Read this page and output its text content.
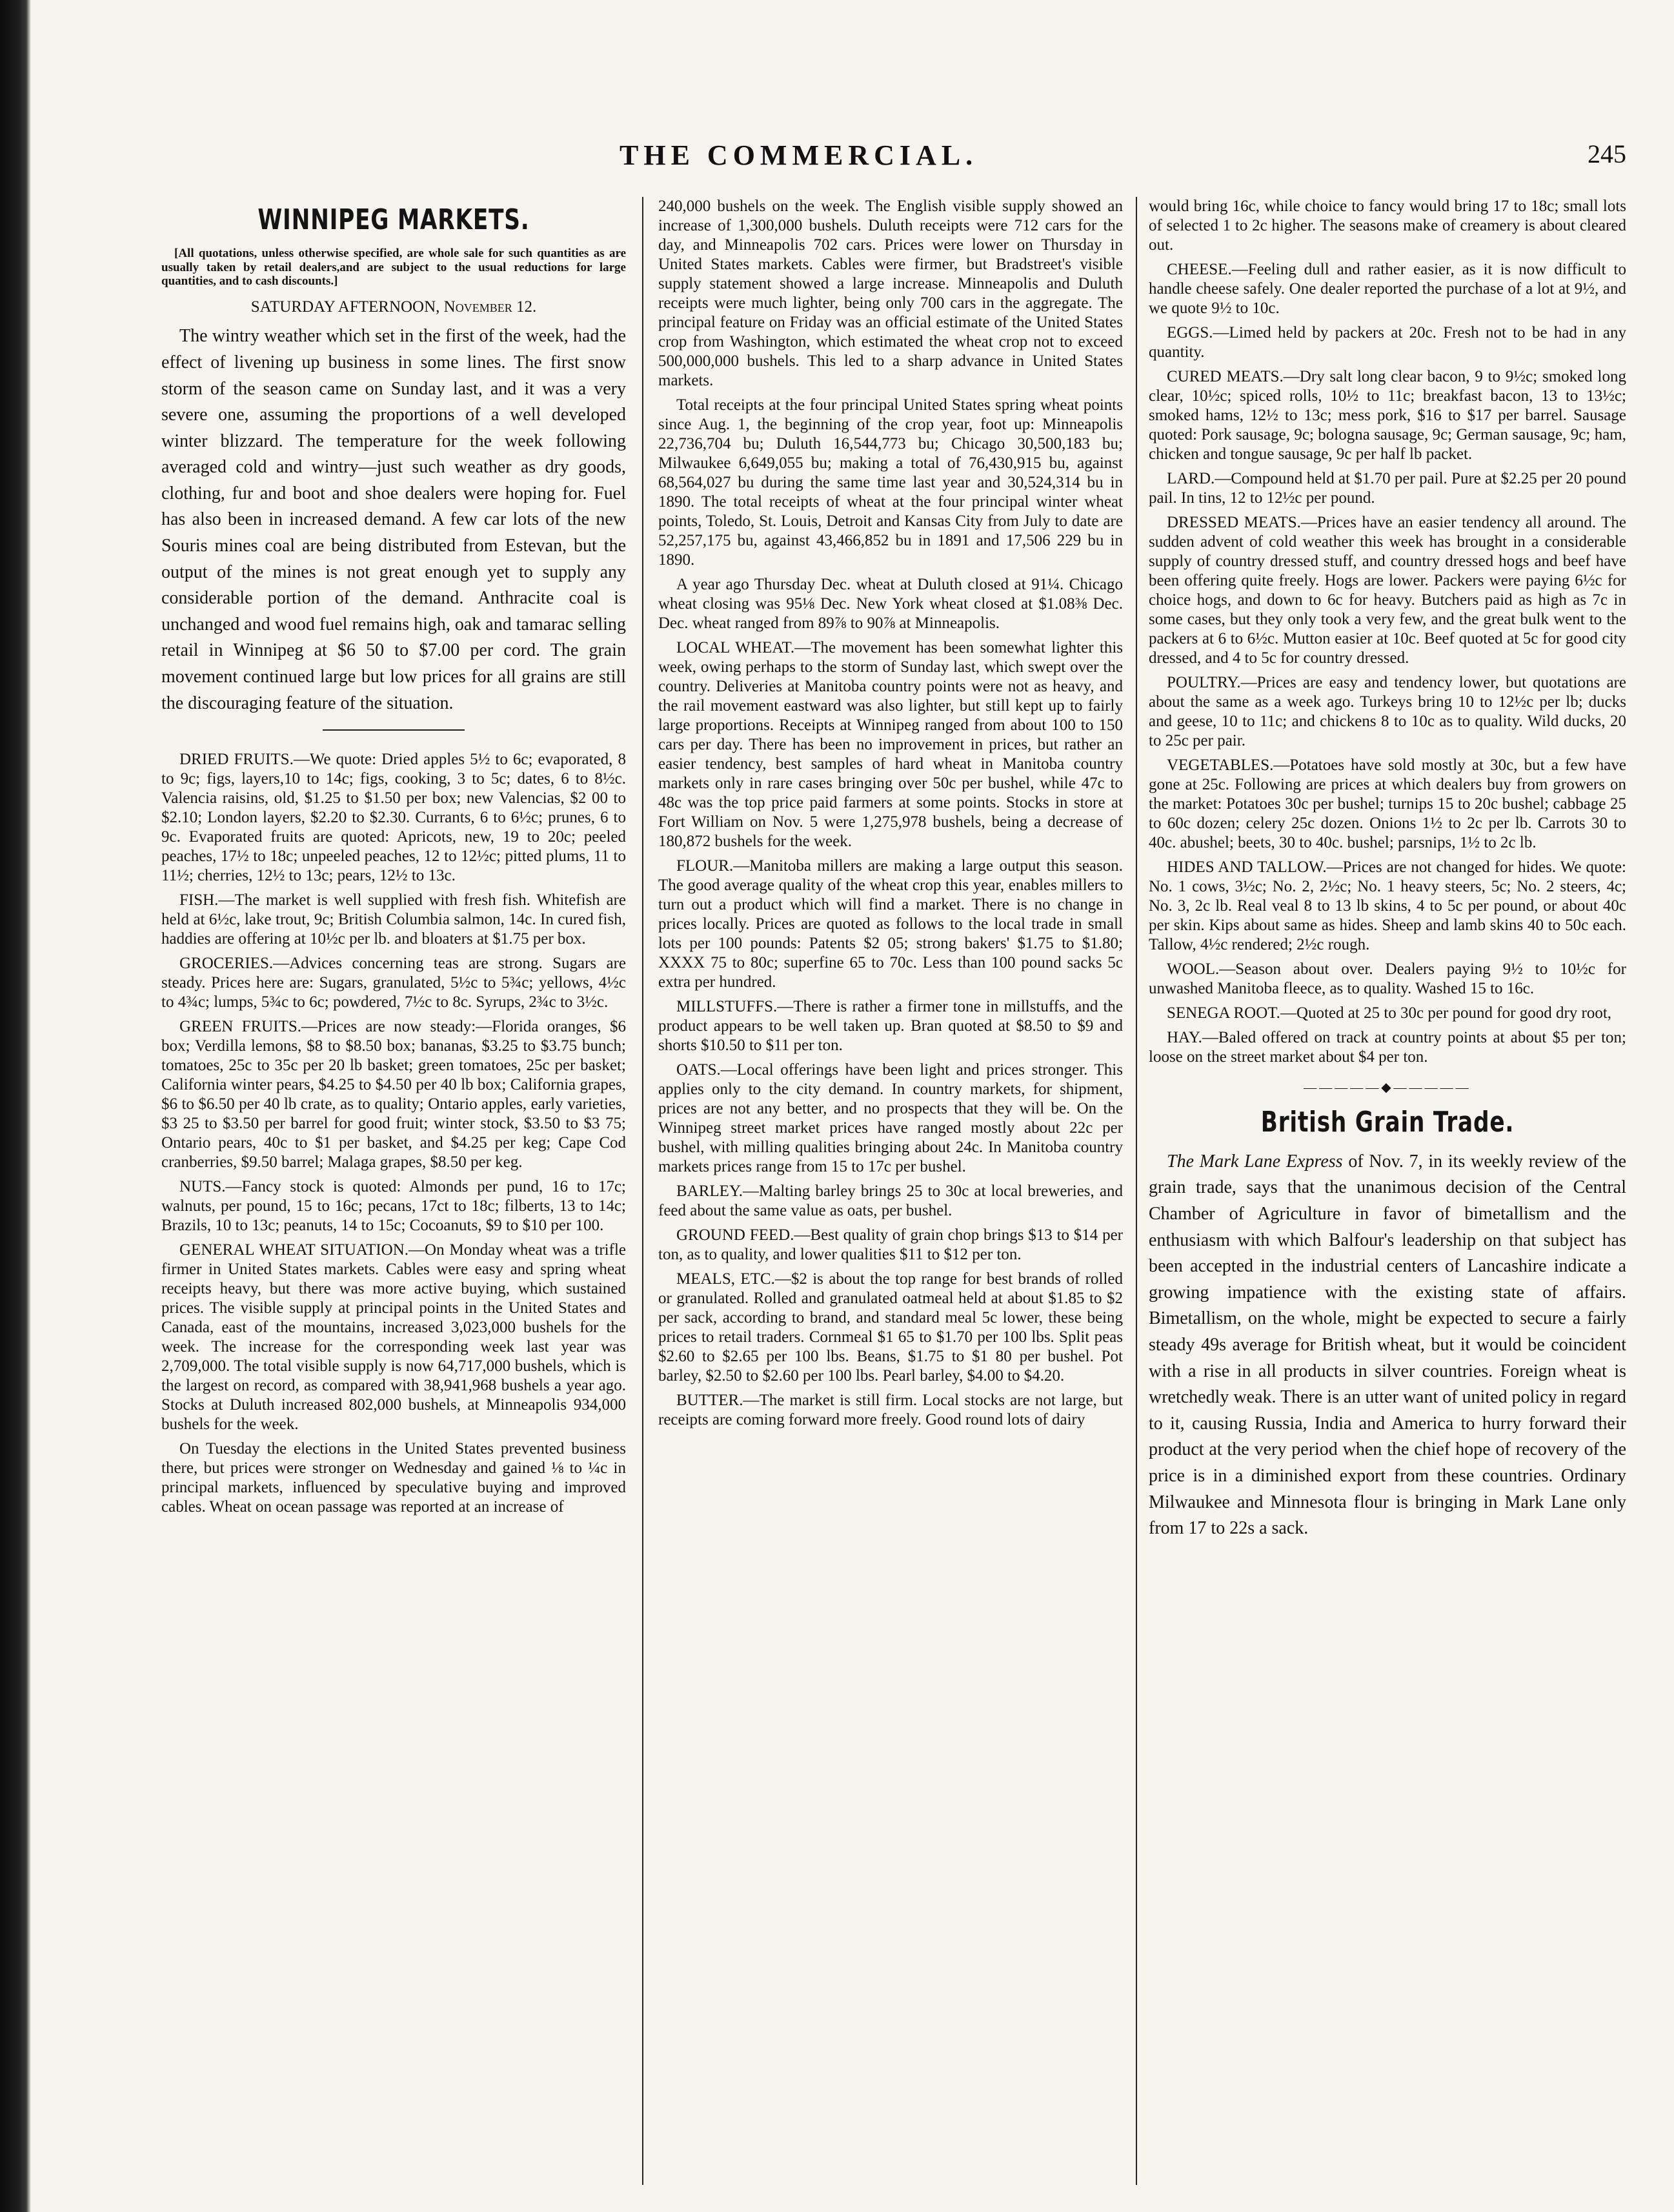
THE COMMERCIAL.	245
WINNIPEG MARKETS.

[All quotations, unless otherwise specified, are whole sale for such quantities as are usually taken by retail dealers,and are subject to the usual reductions for large quantities, and to cash discounts.]

SATURDAY AFTERNOON, November 12.

The wintry weather which set in the first of the week, had the effect of livening up business in some lines. The first snow storm of the season came on Sunday last, and it was a very severe one, assuming the proportions of a well developed winter blizzard. The temperature for the week following averaged cold and wintry—just such weather as dry goods, clothing, fur and boot and shoe dealers were hoping for. Fuel has also been in increased demand. A few car lots of the new Souris mines coal are being distributed from Estevan, but the output of the mines is not great enough yet to supply any considerable portion of the demand. Anthracite coal is unchanged and wood fuel remains high, oak and tamarac selling retail in Winnipeg at $6 50 to $7.00 per cord. The grain movement continued large but low prices for all grains are still the discouraging feature of the situation.

DRIED FRUITS.—We quote: Dried apples 5½ to 6c; evaporated, 8 to 9c; figs, layers,10 to 14c; figs, cooking, 3 to 5c; dates, 6 to 8½c. Valencia raisins, old, $1.25 to $1.50 per box; new Valencias, $2 00 to $2.10; London layers, $2.20 to $2.30. Currants, 6 to 6½c; prunes, 6 to 9c. Evaporated fruits are quoted: Apricots, new, 19 to 20c; peeled peaches, 17½ to 18c; unpeeled peaches, 12 to 12½c; pitted plums, 11 to 11½; cherries, 12½ to 13c; pears, 12½ to 13c.

FISH.—The market is well supplied with fresh fish. Whitefish are held at 6½c, lake trout, 9c; British Columbia salmon, 14c. In cured fish, haddies are offering at 10½c per lb. and bloaters at $1.75 per box.

GROCERIES.—Advices concerning teas are strong. Sugars are steady. Prices here are: Sugars, granulated, 5½c to 5¾c; yellows, 4½c to 4¾c; lumps, 5¾c to 6c; powdered, 7½c to 8c. Syrups, 2¾c to 3½c.

GREEN FRUITS.—Prices are now steady:—Florida oranges, $6 box; Verdilla lemons, $8 to $8.50 box; bananas, $3.25 to $3.75 bunch; tomatoes, 25c to 35c per 20 lb basket; green tomatoes, 25c per basket; California winter pears, $4.25 to $4.50 per 40 lb box; California grapes, $6 to $6.50 per 40 lb crate, as to quality; Ontario apples, early varieties, $3 25 to $3.50 per barrel for good fruit; winter stock, $3.50 to $3 75; Ontario pears, 40c to $1 per basket, and $4.25 per keg; Cape Cod cranberries, $9.50 barrel; Malaga grapes, $8.50 per keg.

NUTS.—Fancy stock is quoted: Almonds per pund, 16 to 17c; walnuts, per pound, 15 to 16c; pecans, 17ct to 18c; filberts, 13 to 14c; Brazils, 10 to 13c; peanuts, 14 to 15c; Cocoanuts, $9 to $10 per 100.

GENERAL WHEAT SITUATION.—On Monday wheat was a trifle firmer in United States markets. Cables were easy and spring wheat receipts heavy, but there was more active buying, which sustained prices. The visible supply at principal points in the United States and Canada, east of the mountains, increased 3,023,000 bushels for the week. The increase for the corresponding week last year was 2,709,000. The total visible supply is now 64,717,000 bushels, which is the largest on record, as compared with 38,941,968 bushels a year ago. Stocks at Duluth increased 802,000 bushels, at Minneapolis 934,000 bushels for the week.

On Tuesday the elections in the United States prevented business there, but prices were stronger on Wednesday and gained ⅛ to ¼c in principal markets, influenced by speculative buying and improved cables. Wheat on ocean passage was reported at an increase of

240,000 bushels on the week. The English visible supply showed an increase of 1,300,000 bushels. Duluth receipts were 712 cars for the day, and Minneapolis 702 cars. Prices were lower on Thursday in United States markets. Cables were firmer, but Bradstreet's visible supply statement showed a large increase. Minneapolis and Duluth receipts were much lighter, being only 700 cars in the aggregate. The principal feature on Friday was an official estimate of the United States crop from Washington, which estimated the wheat crop not to exceed 500,000,000 bushels. This led to a sharp advance in United States markets.

Total receipts at the four principal United States spring wheat points since Aug. 1, the beginning of the crop year, foot up: Minneapolis 22,736,704 bu; Duluth 16,544,773 bu; Chicago 30,500,183 bu; Milwaukee 6,649,055 bu; making a total of 76,430,915 bu, against 68,564,027 bu during the same time last year and 30,524,314 bu in 1890. The total receipts of wheat at the four principal winter wheat points, Toledo, St. Louis, Detroit and Kansas City from July to date are 52,257,175 bu, against 43,466,852 bu in 1891 and 17,506 229 bu in 1890.

A year ago Thursday Dec. wheat at Duluth closed at 91¼. Chicago wheat closing was 95⅛ Dec. New York wheat closed at $1.08⅜ Dec. Dec. wheat ranged from 89⅞ to 90⅞ at Minneapolis.

LOCAL WHEAT.—The movement has been somewhat lighter this week, owing perhaps to the storm of Sunday last, which swept over the country. Deliveries at Manitoba country points were not as heavy, and the rail movement eastward was also lighter, but still kept up to fairly large proportions. Receipts at Winnipeg ranged from about 100 to 150 cars per day. There has been no improvement in prices, but rather an easier tendency, best samples of hard wheat in Manitoba country markets only in rare cases bringing over 50c per bushel, while 47c to 48c was the top price paid farmers at some points. Stocks in store at Fort William on Nov. 5 were 1,275,978 bushels, being a decrease of 180,872 bushels for the week.

FLOUR.—Manitoba millers are making a large output this season. The good average quality of the wheat crop this year, enables millers to turn out a product which will find a market. There is no change in prices locally. Prices are quoted as follows to the local trade in small lots per 100 pounds: Patents $2 05; strong bakers' $1.75 to $1.80; XXXX 75 to 80c; superfine 65 to 70c. Less than 100 pound sacks 5c extra per hundred.

MILLSTUFFS.—There is rather a firmer tone in millstuffs, and the product appears to be well taken up. Bran quoted at $8.50 to $9 and shorts $10.50 to $11 per ton.

OATS.—Local offerings have been light and prices stronger. This applies only to the city demand. In country markets, for shipment, prices are not any better, and no prospects that they will be. On the Winnipeg street market prices have ranged mostly about 22c per bushel, with milling qualities bringing about 24c. In Manitoba country markets prices range from 15 to 17c per bushel.

BARLEY.—Malting barley brings 25 to 30c at local breweries, and feed about the same value as oats, per bushel.

GROUND FEED.—Best quality of grain chop brings $13 to $14 per ton, as to quality, and lower qualities $11 to $12 per ton.

MEALS, ETC.—$2 is about the top range for best brands of rolled or granulated. Rolled and granulated oatmeal held at about $1.85 to $2 per sack, according to brand, and standard meal 5c lower, these being prices to retail traders. Cornmeal $1 65 to $1.70 per 100 lbs. Split peas $2.60 to $2.65 per 100 lbs. Beans, $1.75 to $1 80 per bushel. Pot barley, $2.50 to $2.60 per 100 lbs. Pearl barley, $4.00 to $4.20.

BUTTER.—The market is still firm. Local stocks are not large, but receipts are coming forward more freely. Good round lots of dairy

would bring 16c, while choice to fancy would bring 17 to 18c; small lots of selected 1 to 2c higher. The seasons make of creamery is about cleared out.

CHEESE.—Feeling dull and rather easier, as it is now difficult to handle cheese safely. One dealer reported the purchase of a lot at 9½, and we quote 9½ to 10c.

EGGS.—Limed held by packers at 20c. Fresh not to be had in any quantity.

CURED MEATS.—Dry salt long clear bacon, 9 to 9½c; smoked long clear, 10½c; spiced rolls, 10½ to 11c; breakfast bacon, 13 to 13½c; smoked hams, 12½ to 13c; mess pork, $16 to $17 per barrel. Sausage quoted: Pork sausage, 9c; bologna sausage, 9c; German sausage, 9c; ham, chicken and tongue sausage, 9c per half lb packet.

LARD.—Compound held at $1.70 per pail. Pure at $2.25 per 20 pound pail. In tins, 12 to 12½c per pound.

DRESSED MEATS.—Prices have an easier tendency all around. The sudden advent of cold weather this week has brought in a considerable supply of country dressed stuff, and country dressed hogs and beef have been offering quite freely. Hogs are lower. Packers were paying 6½c for choice hogs, and down to 6c for heavy. Butchers paid as high as 7c in some cases, but they only took a very few, and the great bulk went to the packers at 6 to 6½c. Mutton easier at 10c. Beef quoted at 5c for good city dressed, and 4 to 5c for country dressed.

POULTRY.—Prices are easy and tendency lower, but quotations are about the same as a week ago. Turkeys bring 10 to 12½c per lb; ducks and geese, 10 to 11c; and chickens 8 to 10c as to quality. Wild ducks, 20 to 25c per pair.

VEGETABLES.—Potatoes have sold mostly at 30c, but a few have gone at 25c. Following are prices at which dealers buy from growers on the market: Potatoes 30c per bushel; turnips 15 to 20c bushel; cabbage 25 to 60c dozen; celery 25c dozen. Onions 1½ to 2c per lb. Carrots 30 to 40c. abushel; beets, 30 to 40c. bushel; parsnips, 1½ to 2c lb.

HIDES AND TALLOW.—Prices are not changed for hides. We quote: No. 1 cows, 3½c; No. 2, 2½c; No. 1 heavy steers, 5c; No. 2 steers, 4c; No. 3, 2c lb. Real veal 8 to 13 lb skins, 4 to 5c per pound, or about 40c per skin. Kips about same as hides. Sheep and lamb skins 40 to 50c each. Tallow, 4½c rendered; 2½c rough.

WOOL.—Season about over. Dealers paying 9½ to 10½c for unwashed Manitoba fleece, as to quality. Washed 15 to 16c.

SENEGA ROOT.—Quoted at 25 to 30c per pound for good dry root,

HAY.—Baled offered on track at country points at about $5 per ton; loose on the street market about $4 per ton.

—————◆—————
British Grain Trade.

The Mark Lane Express of Nov. 7, in its weekly review of the grain trade, says that the unanimous decision of the Central Chamber of Agriculture in favor of bimetallism and the enthusiasm with which Balfour's leadership on that subject has been accepted in the industrial centers of Lancashire indicate a growing impatience with the existing state of affairs. Bimetallism, on the whole, might be expected to secure a fairly steady 49s average for British wheat, but it would be coincident with a rise in all products in silver countries. Foreign wheat is wretchedly weak. There is an utter want of united policy in regard to it, causing Russia, India and America to hurry forward their product at the very period when the chief hope of recovery of the price is in a diminished export from these countries. Ordinary Milwaukee and Minnesota flour is bringing in Mark Lane only from 17 to 22s a sack.
